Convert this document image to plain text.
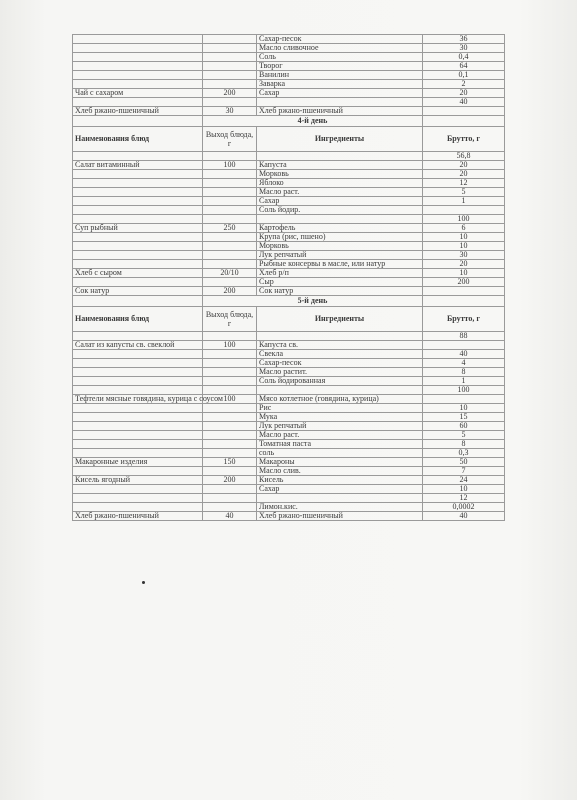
		Сахар-песок	36
		Масло сливочное	30
		Соль	0,4
		Творог	64
		Ванилин	0,1
		Заварка	2
Чай с сахаром	200	Сахар	20
			40
Хлеб ржано-пшеничный	30	Хлеб ржано-пшеничный	
	4-й день		
Наименования блюд	Выход блюда, г	Ингредиенты	Брутто, г
			56,8
Салат витаминный	100	Капуста	20
		Морковь	20
		Яблоко	12
		Масло раст.	5
		Сахар	1
		Соль йодир.	
			100
Суп рыбный	250	Картофель	6
		Крупа (рис, пшено)	10
		Морковь	10
		Лук репчатый	30
		Рыбные консервы в масле, или натур	20
Хлеб с сыром	20/10	Хлеб р/п	10
		Сыр	200
Сок натур	200	Сок натур	
	5-й день		
Наименования блюд	Выход блюда, г	Ингредиенты	Брутто, г
			88
Салат из капусты св. свеклой	100	Капуста св.	
		Свекла	40
		Сахар-песок	4
		Масло растит.	8
		Соль йодированная	1
			100
Тефтели мясные говядина, курица с соусом	100	Мясо котлетное (говядина, курица)	
		Рис	10
		Мука	15
		Лук репчатый	60
		Масло раст.	5
		Томатная паста	8
		соль	0,3
Макаронные изделия	150	Макароны	50
		Масло слив.	7
Кисель ягодный	200	Кисель	24
		Сахар	10
			12
		Лимон.кис.	0,0002
Хлеб ржано-пшеничный	40	Хлеб ржано-пшеничный	40
